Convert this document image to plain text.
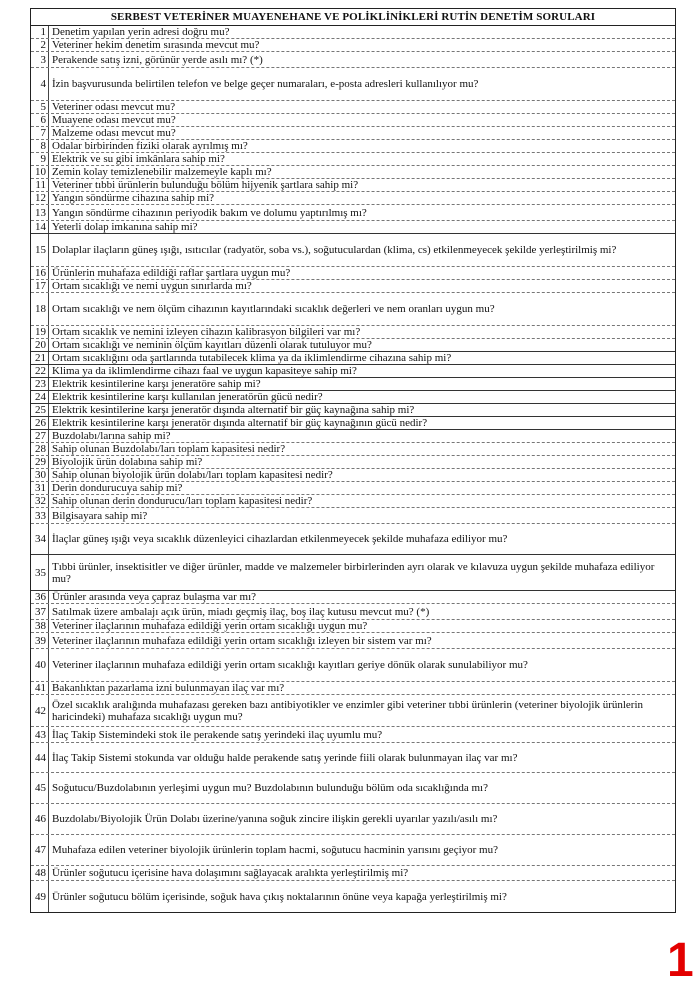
SERBEST VETERİNER MUAYENEHANE VE POLİKLİNİKLERİ RUTİN DENETİM SORULARI
1 Denetim yapılan yerin adresi doğru mu?
2 Veteriner hekim denetim sırasında mevcut mu?
3 Perakende satış izni, görünür yerde asılı mı? (*)
4 İzin başvurusunda belirtilen telefon ve belge geçer numaraları, e-posta adresleri kullanılıyor mu?
5 Veteriner odası mevcut mu?
6 Muayene odası mevcut mu?
7 Malzeme odası mevcut mu?
8 Odalar birbirinden fiziki olarak ayrılmış mı?
9 Elektrik ve su gibi imkânlara sahip mi?
10 Zemin kolay temizlenebilir malzemeyle kaplı mı?
11 Veteriner tıbbi ürünlerin bulunduğu bölüm hijyenik şartlara sahip mi?
12 Yangın söndürme cihazına sahip mi?
13 Yangın söndürme cihazının periyodik bakım ve dolumu yaptırılmış mı?
14 Yeterli dolap imkanına sahip mi?
15 Dolaplar ilaçların güneş ışığı, ısıtıcılar (radyatör, soba vs.), soğutuculardan (klima, cs) etkilenmeyecek şekilde yerleştirilmiş mi?
16 Ürünlerin muhafaza edildiği raflar şartlara uygun mu?
17 Ortam sıcaklığı ve nemi uygun sınırlarda mı?
18 Ortam sıcaklığı ve nem ölçüm cihazının kayıtlarındaki sıcaklık değerleri ve nem oranları uygun mu?
19 Ortam sıcaklık ve nemini izleyen cihazın kalibrasyon bilgileri var mı?
20 Ortam sıcaklığı ve neminin ölçüm kayıtları düzenli olarak tutuluyor mu?
21 Ortam sıcaklığını oda şartlarında tutabilecek klima ya da iklimlendirme cihazına sahip mi?
22 Klima ya da iklimlendirme cihazı faal ve uygun kapasiteye sahip mi?
23 Elektrik kesintilerine karşı jeneratöre sahip mi?
24 Elektrik kesintilerine karşı kullanılan jeneratörün gücü nedir?
25 Elektrik kesintilerine karşı jeneratör dışında alternatif bir güç kaynağına sahip mi?
26 Elektrik kesintilerine karşı jeneratör dışında alternatif bir güç kaynağının gücü nedir?
27 Buzdolabı/larına sahip mi?
28 Sahip olunan Buzdolabı/ları toplam kapasitesi nedir?
29 Biyolojik ürün dolabına sahip mi?
30 Sahip olunan biyolojik ürün dolabı/ları toplam kapasitesi nedir?
31 Derin dondurucuya sahip mi?
32 Sahip olunan derin dondurucu/ları toplam kapasitesi nedir?
33 Bilgisayara sahip mi?
34 İlaçlar güneş ışığı veya sıcaklık düzenleyici cihazlardan etkilenmeyecek şekilde muhafaza ediliyor mu?
35 Tıbbi ürünler, insektisitler ve diğer ürünler, madde ve malzemeler birbirlerinden ayrı olarak ve kılavuza uygun şekilde muhafaza ediliyor mu?
36 Ürünler arasında veya çapraz bulaşma var mı?
37 Satılmak üzere ambalajı açık ürün, miadı geçmiş ilaç, boş ilaç kutusu mevcut mu? (*)
38 Veteriner ilaçlarının muhafaza edildiği yerin ortam sıcaklığı uygun mu?
39 Veteriner ilaçlarının muhafaza edildiği yerin ortam sıcaklığı izleyen bir sistem var mı?
40 Veteriner ilaçlarının muhafaza edildiği yerin ortam sıcaklığı kayıtları geriye dönük olarak sunulabiliyor mu?
41 Bakanlıktan pazarlama izni bulunmayan ilaç var mı?
42 Özel sıcaklık aralığında muhafazası gereken bazı antibiyotikler ve enzimler gibi veteriner tıbbi ürünlerin (veteriner biyolojik ürünlerin haricindeki) muhafaza sıcaklığı uygun mu?
43 İlaç Takip Sistemindeki stok ile perakende satış yerindeki ilaç uyumlu mu?
44 İlaç Takip Sistemi stokunda var olduğu halde perakende satış yerinde fiili olarak bulunmayan ilaç var mı?
45 Soğutucu/Buzdolabının yerleşimi uygun mu? Buzdolabının bulunduğu bölüm oda sıcaklığında mı?
46 Buzdolabı/Biyolojik Ürün Dolabı üzerine/yanına soğuk zincire ilişkin gerekli uyarılar yazılı/asılı mı?
47 Muhafaza edilen veteriner biyolojik ürünlerin toplam hacmi, soğutucu hacminin yarısını geçiyor mu?
48 Ürünler soğutucu içerisine hava dolaşımını sağlayacak aralıkta yerleştirilmiş mi?
49 Ürünler soğutucu bölüm içerisinde, soğuk hava çıkış noktalarının önüne veya kapağa yerleştirilmiş mi?
1
